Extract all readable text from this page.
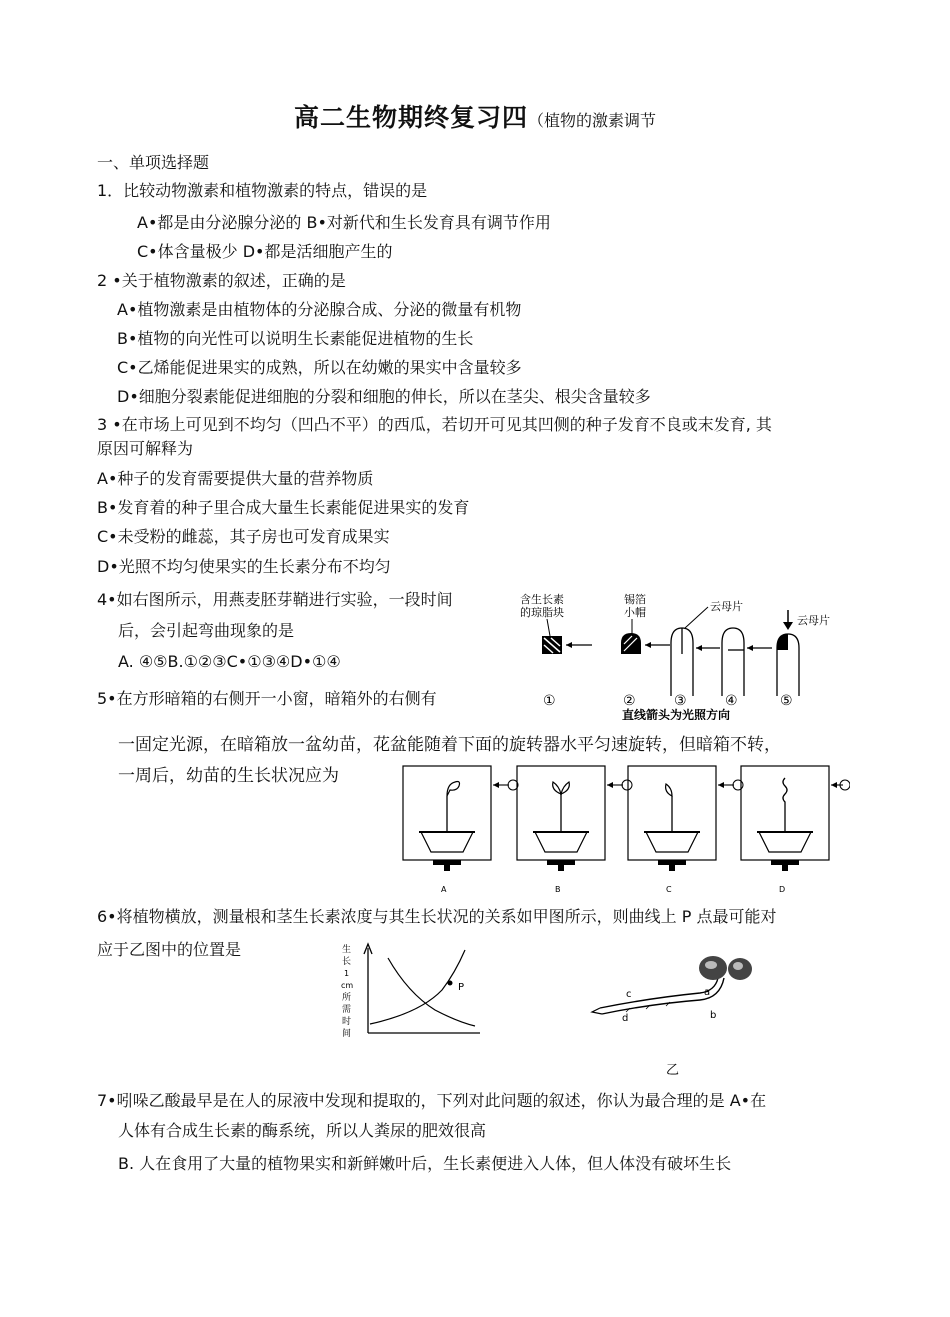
高二生物期终复习四（植物的激素调节
一、单项选择题
1．比较动物激素和植物激素的特点，错误的是
A•都是由分泌腺分泌的 B•对新代和生长发育具有调节作用
C•体含量极少 D•都是活细胞产生的
2 •关于植物激素的叙述，正确的是
A•植物激素是由植物体的分泌腺合成、分泌的微量有机物
B•植物的向光性可以说明生长素能促进植物的生长
C•乙烯能促进果实的成熟，所以在幼嫩的果实中含量较多
D•细胞分裂素能促进细胞的分裂和细胞的伸长，所以在茎尖、根尖含量较多
3 •在市场上可见到不均匀（凹凸不平）的西瓜，若切开可见其凹侧的种子发育不良或末发育, 其
原因可解释为
A•种子的发育需要提供大量的营养物质
B•发育着的种子里合成大量生长素能促进果实的发育
C•未受粉的雌蕊，其子房也可发育成果实
D•光照不均匀使果实的生长素分布不均匀
4•如右图所示，用燕麦胚芽鞘进行实验，一段时间
后，会引起弯曲现象的是
A. ④⑤B.①②③C•①③④D•①④
含生长素
的琼脂块
锡箔
小帽	云母片
云母片
①	②	③	④	⑤
直线箭头为光照方向
5•在方形暗箱的右侧开一小窗，暗箱外的右侧有
一固定光源，在暗箱放一盆幼苗，花盆能随着下面的旋转器水平匀速旋转，但暗箱不转，
一周后，幼苗的生长状况应为
A	B	C	D
6•将植物横放，测量根和茎生长素浓度与其生长状况的关系如甲图所示，则曲线上 P 点最可能对
应于乙图中的位置是	生
长
1
cm
所
需
时
间
P
c
d
a
b
乙
7•吲哚乙酸最早是在人的尿液中发现和提取的，下列对此问题的叙述，你认为最合理的是 A•在
人体有合成生长素的酶系统，所以人粪尿的肥效很高
B. 人在食用了大量的植物果实和新鲜嫩叶后，生长素便进入人体，但人体没有破坏生长
